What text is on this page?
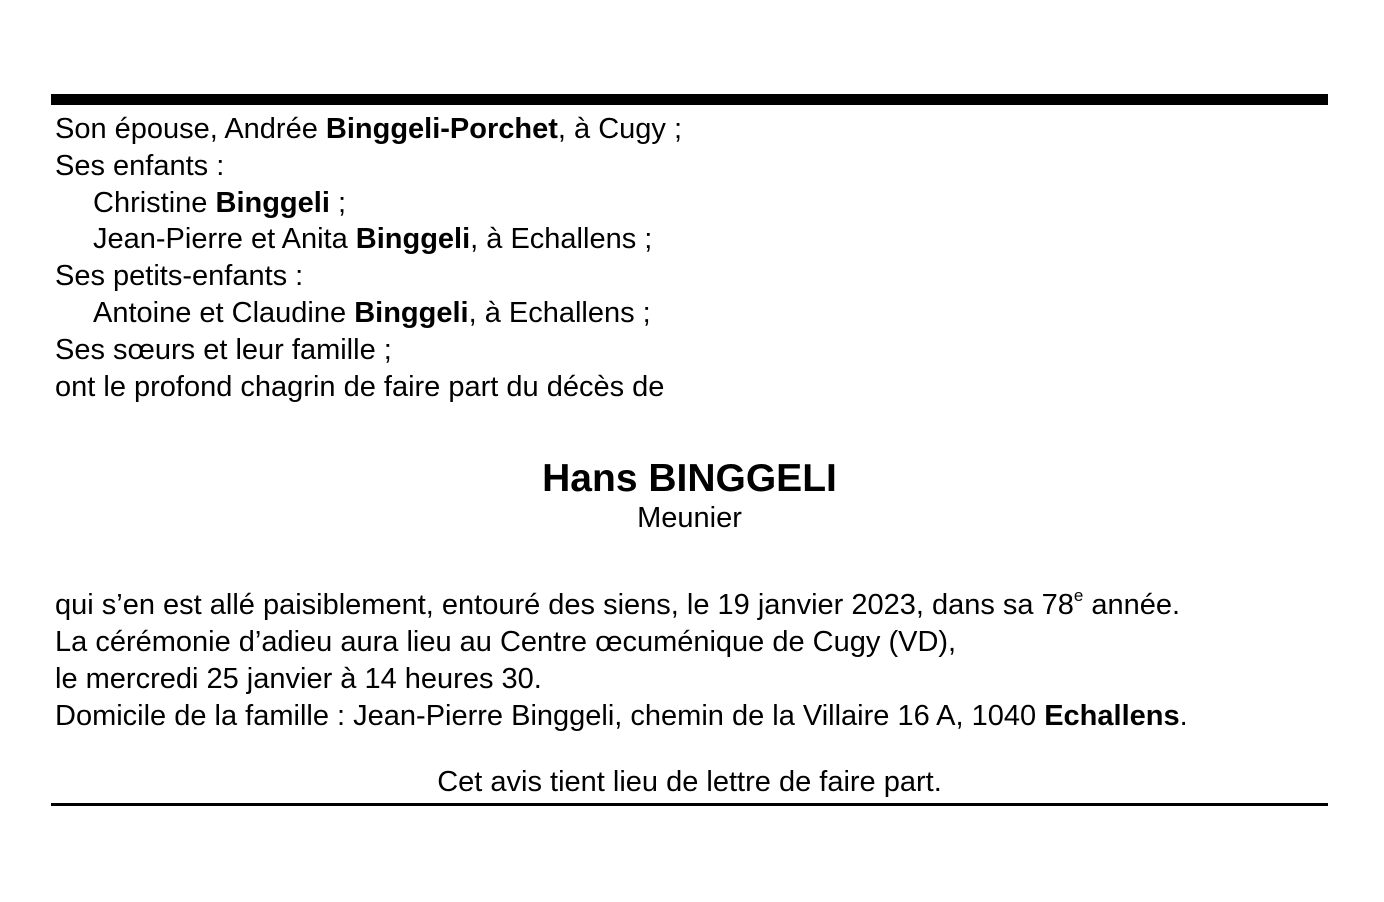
Son épouse, Andrée Binggeli-Porchet, à Cugy ;
Ses enfants :
Christine Binggeli ;
Jean-Pierre et Anita Binggeli, à Echallens ;
Ses petits-enfants :
Antoine et Claudine Binggeli, à Echallens ;
Ses sœurs et leur famille ;
ont le profond chagrin de faire part du décès de
Hans BINGGELI
Meunier
qui s’en est allé paisiblement, entouré des siens, le 19 janvier 2023, dans sa 78e année.
La cérémonie d’adieu aura lieu au Centre œcuménique de Cugy (VD),
le mercredi 25 janvier à 14 heures 30.
Domicile de la famille : Jean-Pierre Binggeli, chemin de la Villaire 16 A, 1040 Echallens.
Cet avis tient lieu de lettre de faire part.
